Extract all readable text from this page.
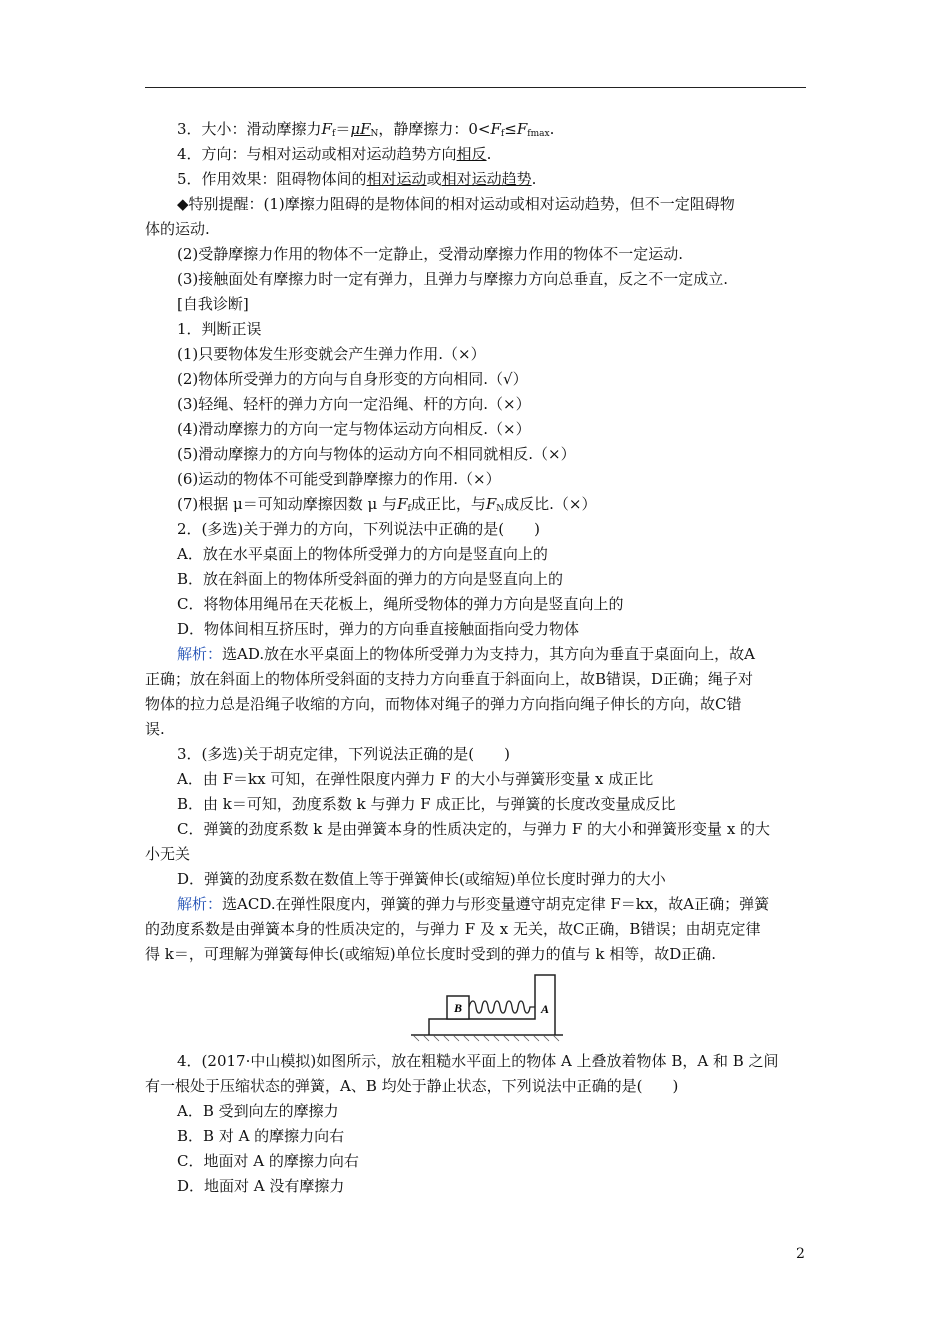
3．大小：滑动摩擦力$F_f=\mu F_N$，静摩擦力：$0<F_f\le F_{fmax}$.
4．方向：与相对运动或相对运动趋势方向相反.
5．作用效果：阻碍物体间的相对运动或相对运动趋势.
◆特别提醒：(1)摩擦力阻碍的是物体间的相对运动或相对运动趋势，但不一定阻碍物
体的运动.
(2)受静摩擦力作用的物体不一定静止，受滑动摩擦力作用的物体不一定运动.
(3)接触面处有摩擦力时一定有弹力，且弹力与摩擦力方向总垂直，反之不一定成立.
[自我诊断]
1．判断正误
(1)只要物体发生形变就会产生弹力作用.（×）
(2)物体所受弹力的方向与自身形变的方向相同.（√）
(3)轻绳、轻杆的弹力方向一定沿绳、杆的方向.（×）
(4)滑动摩擦力的方向一定与物体运动方向相反.（×）
(5)滑动摩擦力的方向与物体的运动方向不相同就相反.（×）
(6)运动的物体不可能受到静摩擦力的作用.（×）
(7)根据 μ＝可知动摩擦因数 μ 与$F_f$成正比，与$F_N$成反比.（×）
2．(多选)关于弹力的方向，下列说法中正确的是(　　)
A．放在水平桌面上的物体所受弹力的方向是竖直向上的
B．放在斜面上的物体所受斜面的弹力的方向是竖直向上的
C．将物体用绳吊在天花板上，绳所受物体的弹力方向是竖直向上的
D．物体间相互挤压时，弹力的方向垂直接触面指向受力物体
解析：选AD.放在水平桌面上的物体所受弹力为支持力，其方向为垂直于桌面向上，故A
正确；放在斜面上的物体所受斜面的支持力方向垂直于斜面向上，故B错误，D正确；绳子对
物体的拉力总是沿绳子收缩的方向，而物体对绳子的弹力方向指向绳子伸长的方向，故C错
误.
3．(多选)关于胡克定律，下列说法正确的是(　　)
A．由 F＝kx 可知，在弹性限度内弹力 F 的大小与弹簧形变量 x 成正比
B．由 k＝可知，劲度系数 k 与弹力 F 成正比，与弹簧的长度改变量成反比
C．弹簧的劲度系数 k 是由弹簧本身的性质决定的，与弹力 F 的大小和弹簧形变量 x 的大
小无关
D．弹簧的劲度系数在数值上等于弹簧伸长(或缩短)单位长度时弹力的大小
解析：选ACD.在弹性限度内，弹簧的弹力与形变量遵守胡克定律 F＝kx，故A正确；弹簧
的劲度系数是由弹簧本身的性质决定的，与弹力 F 及 x 无关，故C正确，B错误；由胡克定律
得 k＝，可理解为弹簧每伸长(或缩短)单位长度时受到的弹力的值与 k 相等，故D正确.
B	A
4．(2017·中山模拟)如图所示，放在粗糙水平面上的物体 A 上叠放着物体 B，A 和 B 之间
有一根处于压缩状态的弹簧，A、B 均处于静止状态，下列说法中正确的是(　　)
A．B 受到向左的摩擦力
B．B 对 A 的摩擦力向右
C．地面对 A 的摩擦力向右
D．地面对 A 没有摩擦力
2
